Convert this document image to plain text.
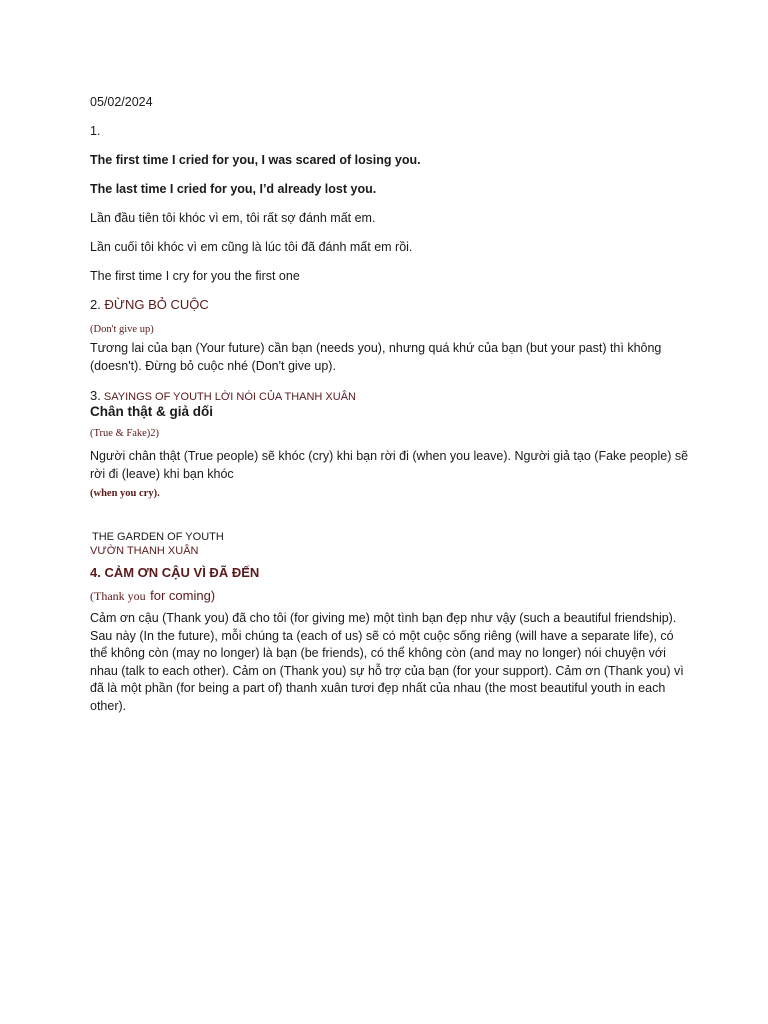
05/02/2024
1.
The first time I cried for you, I was scared of losing you.
The last time I cried for you, I’d already lost you.
Lần đầu tiên tôi khóc vì em, tôi rất sợ đánh mất em.
Lần cuối tôi khóc vì em cũng là lúc tôi đã đánh mất em rồi.
The first time I cry for you the first one
2. ĐỪNG BỎ CUỘC
(Don't give up)
Tương lai của bạn (Your future) cần bạn (needs you), nhưng quá khứ của bạn (but your past) thì không (doesn't). Đừng bỏ cuộc nhé (Don't give up).
3. SAYINGS OF YOUTH LỜI NÓI CỦA THANH XUÂN
Chân thật & giả dối
(True & Fake)2)
Người chân thật (True people) sẽ khóc (cry) khi bạn rời đi (when you leave). Người giả tạo (Fake people) sẽ rời đi (leave) khi bạn khóc
(when you cry).
THE GARDEN OF YOUTH
VƯỜN THANH XUÂN
4. CẢM ƠN CẬU VÌ ĐÃ ĐẾN
(Thank you for coming)
Cảm ơn cậu (Thank you) đã cho tôi (for giving me) một tình bạn đẹp như vậy (such a beautiful friendship). Sau này (In the future), mỗi chúng ta (each of us) sẽ có một cuộc sống riêng (will have a separate life), có thể không còn (may no longer) là bạn (be friends), có thể không còn (and may no longer) nói chuyện với nhau (talk to each other). Cảm on (Thank you) sự hỗ trợ của bạn (for your support). Cảm ơn (Thank you) vì đã là một phần (for being a part of) thanh xuân tươi đẹp nhất của nhau (the most beautiful youth in each other).
